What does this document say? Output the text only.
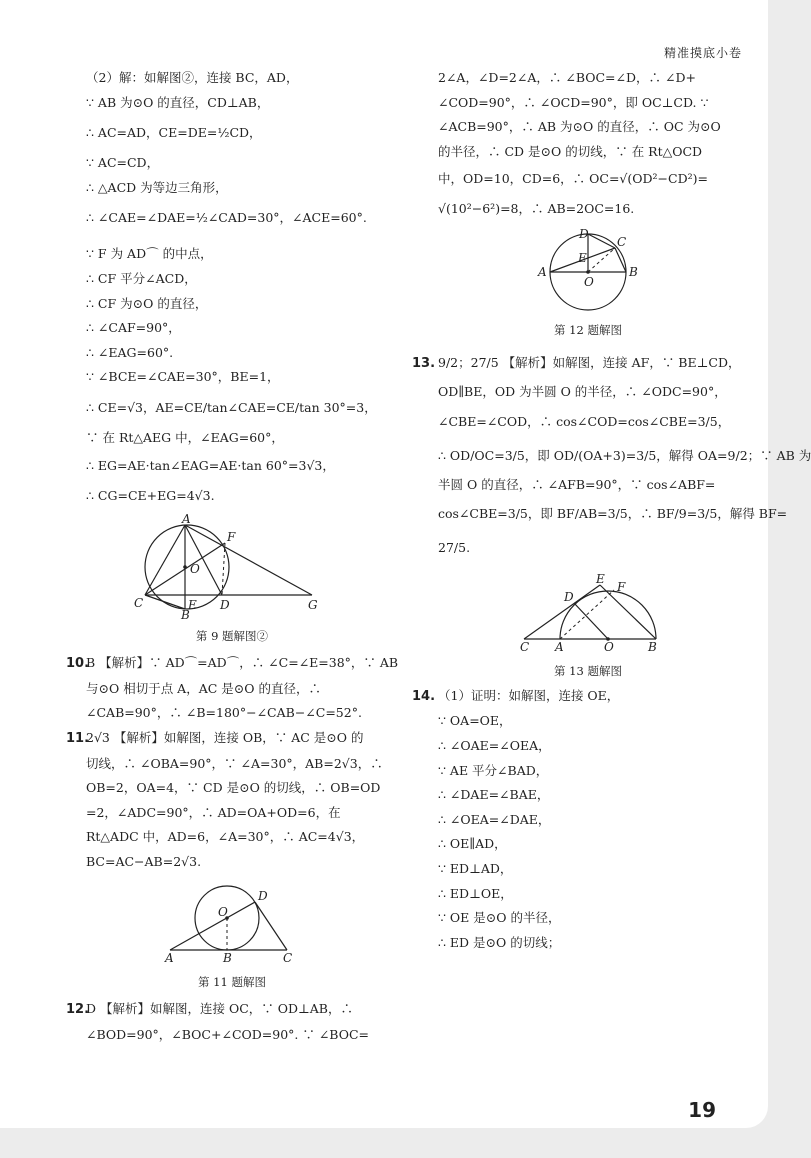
精准摸底小卷
（2）解：如解图②，连接 BC，AD，
∵ AB 为⊙O 的直径，CD⊥AB，
∴ AC=AD，CE=DE=½CD，
∵ AC=CD，
∴ △ACD 为等边三角形，
∴ ∠CAE=∠DAE=½∠CAD=30°，∠ACE=60°.
∵ F 为 AD⌒ 的中点，
∴ CF 平分∠ACD，
∴ CF 为⊙O 的直径，
∴ ∠CAF=90°，
∴ ∠EAG=60°.
∵ ∠BCE=∠CAE=30°，BE=1，
∴ CE=√3，AE=CE/tan∠CAE=CE/tan 30°=3，
∵ 在 Rt△AEG 中，∠EAG=60°，
∴ EG=AE·tan∠EAG=AE·tan 60°=3√3，
∴ CG=CE+EG=4√3.
A
F
O
C	E D	G
B
第 9 题解图②
10.B 【解析】∵ AD⌒=AD⌒，∴ ∠C=∠E=38°，∵ AB
与⊙O 相切于点 A，AC 是⊙O 的直径，∴
∠CAB=90°，∴ ∠B=180°−∠CAB−∠C=52°.
11.2√3 【解析】如解图，连接 OB，∵ AC 是⊙O 的
切线，∴ ∠OBA=90°，∵ ∠A=30°，AB=2√3，∴
OB=2，OA=4，∵ CD 是⊙O 的切线，∴ OB=OD
=2，∠ADC=90°，∴ AD=OA+OD=6，在
Rt△ADC 中，AD=6，∠A=30°，∴ AC=4√3，
BC=AC−AB=2√3.
O
D
A	B	C
第 11 题解图
12.D 【解析】如解图，连接 OC，∵ OD⊥AB，∴
∠BOD=90°，∠BOC+∠COD=90°. ∵ ∠BOC=
2∠A，∠D=2∠A，∴ ∠BOC=∠D，∴ ∠D+
∠COD=90°，∴ ∠OCD=90°，即 OC⊥CD. ∵
∠ACB=90°，∴ AB 为⊙O 的直径，∴ OC 为⊙O
的半径，∴ CD 是⊙O 的切线，∵ 在 Rt△OCD
中，OD=10，CD=6，∴ OC=√(OD²−CD²)=
√(10²−6²)=8，∴ AB=2OC=16.
D
C
E
A
O
B
第 12 题解图
13. 9/2；27/5 【解析】如解图，连接 AF，∵ BE⊥CD，
OD∥BE，OD 为半圆 O 的半径，∴ ∠ODC=90°，
∠CBE=∠COD，∴ cos∠COD=cos∠CBE=3/5，
∴ OD/OC=3/5，即 OD/(OA+3)=3/5，解得 OA=9/2；∵ AB 为
半圆 O 的直径，∴ ∠AFB=90°，∵ cos∠ABF=
cos∠CBE=3/5，即 BF/AB=3/5，∴ BF/9=3/5，解得 BF=
27/5.
E
D
F
C A	O	B
第 13 题解图
14. （1）证明：如解图，连接 OE，
∵ OA=OE，
∴ ∠OAE=∠OEA，
∵ AE 平分∠BAD，
∴ ∠DAE=∠BAE，
∴ ∠OEA=∠DAE，
∴ OE∥AD，
∵ ED⊥AD，
∴ ED⊥OE，
∵ OE 是⊙O 的半径，
∴ ED 是⊙O 的切线；
19
